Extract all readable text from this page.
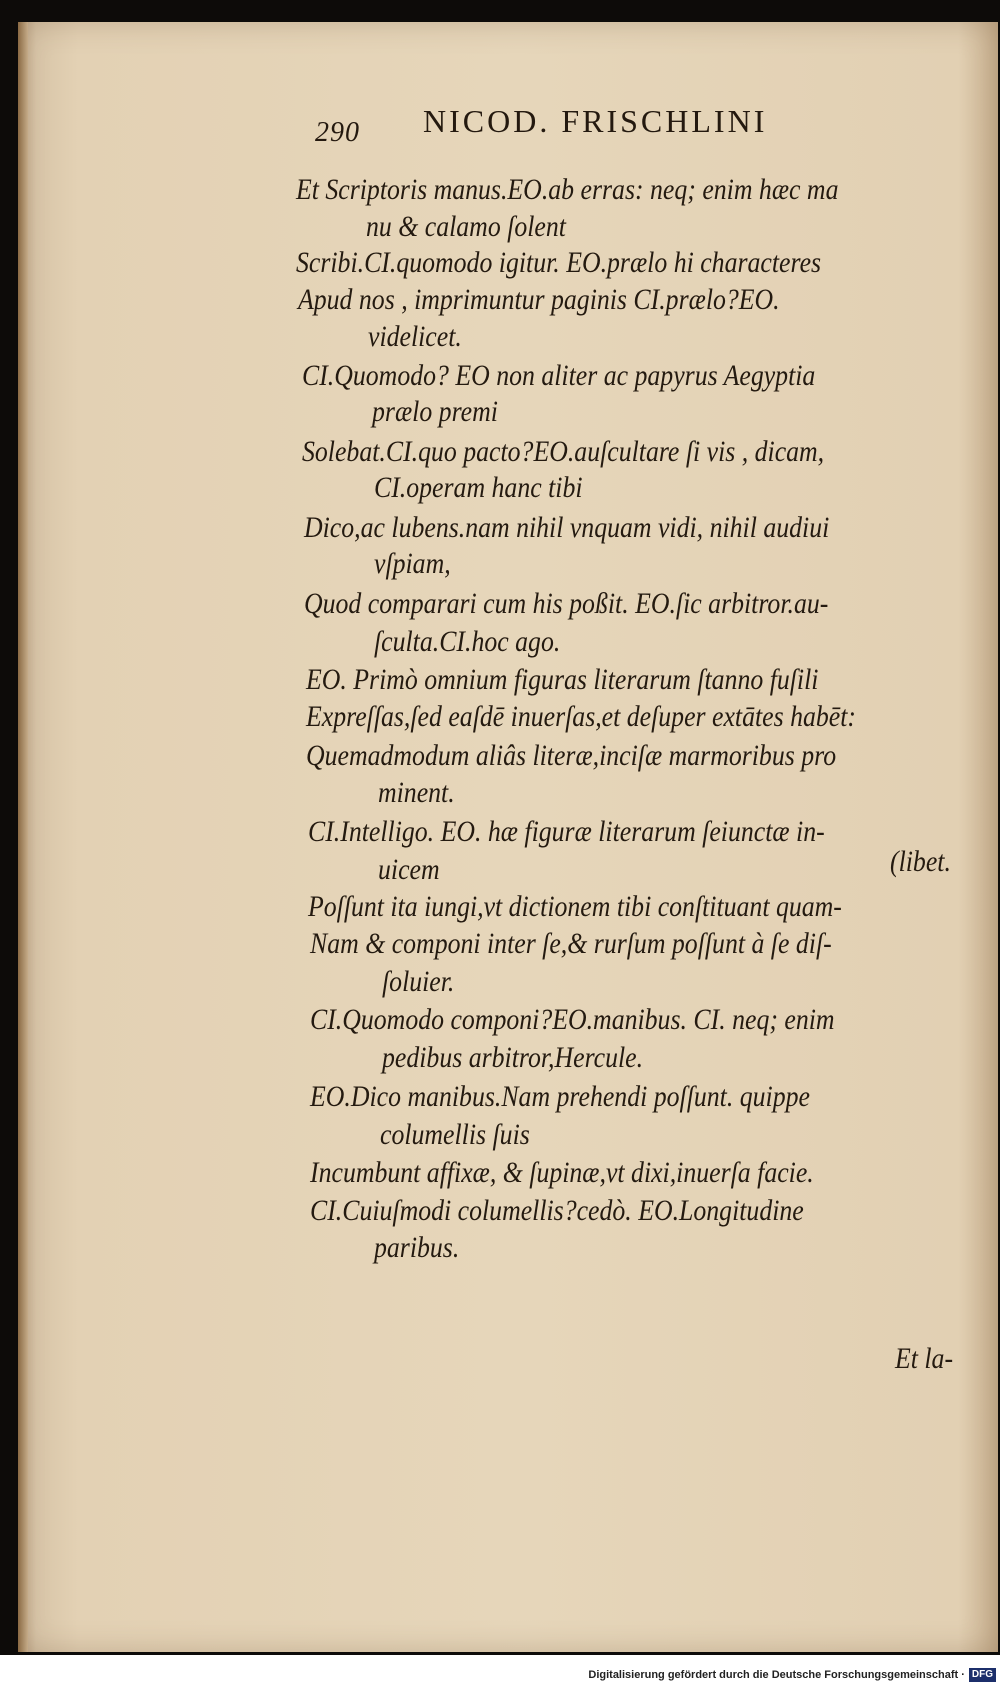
290 NICOD. FRISCHLINI
Et Scriptoris manus.EO.ab erras: neq; enim hæc ma
nu & calamo ſolent
Scribi.CI.quomodo igitur. EO.prælo hi characteres
Apud nos , imprimuntur paginis CI.prælo?EO.
videlicet.
CI.Quomodo? EO non aliter ac papyrus Aegyptia
prælo premi
Solebat.CI.quo pacto?EO.auſcultare ſi vis , dicam,
CI.operam hanc tibi
Dico,ac lubens.nam nihil vnquam vidi, nihil audiui
vſpiam,
Quod comparari cum his poßit. EO.ſic arbitror.au-
ſculta.CI.hoc ago.
EO. Primò omnium figuras literarum ſtanno fuſili
Expreſſas,ſed eaſdē inuerſas,et deſuper extātes habēt:
Quemadmodum aliâs literæ,inciſæ marmoribus pro
minent.
CI.Intelligo. EO. hæ figuræ literarum ſeiunctæ in-
uicem	(libet.
Poſſunt ita iungi,vt dictionem tibi conſtituant quam-
Nam & componi inter ſe,& rurſum poſſunt à ſe diſ-
ſoluier.
CI.Quomodo componi?EO.manibus. CI. neq; enim
pedibus arbitror,Hercule.
EO.Dico manibus.Nam prehendi poſſunt. quippe
columellis ſuis
Incumbunt affixæ, & ſupinæ,vt dixi,inuerſa facie.
CI.Cuiuſmodi columellis?cedò. EO.Longitudine
paribus.
Et la-
Digitalisierung gefördert durch die Deutsche Forschungsgemeinschaft · DFG
